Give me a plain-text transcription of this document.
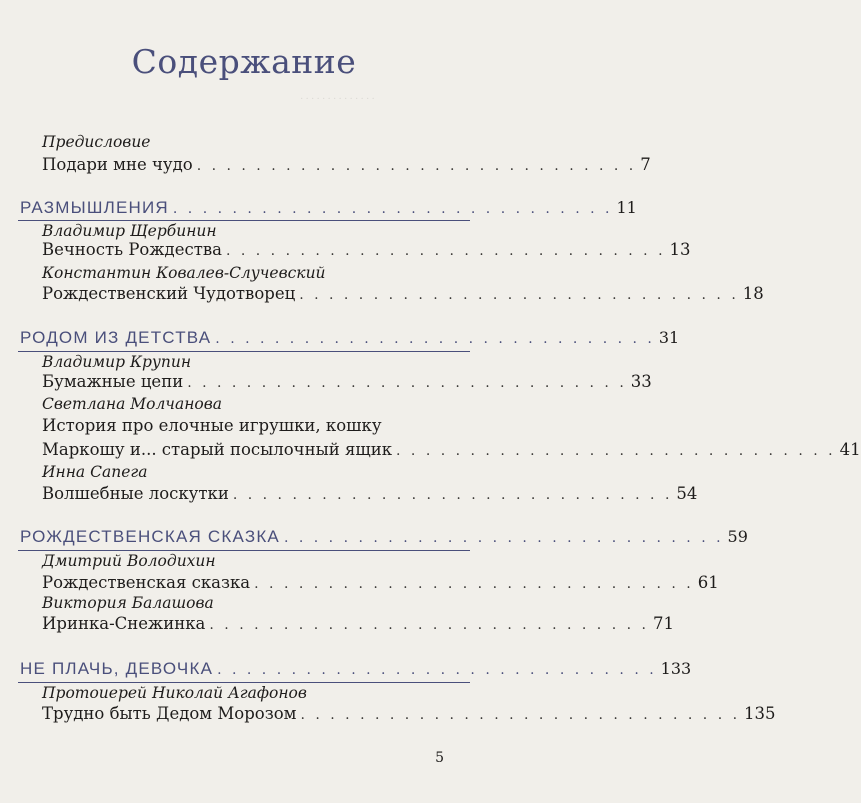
. . . . . . . . . . . . . .
Содержание
Предисловие
Подари мне чудо . . . . . . . . . . . . . . . . . . . . . . . . . . . . . . 7
РАЗМЫШЛЕНИЯ . . . . . . . . . . . . . . . . . . . . . . . . . . . . . . 11
Владимир Щербинин
Вечность Рождества . . . . . . . . . . . . . . . . . . . . . . . . . . . . . . 13
Константин Ковалев-Случевский
Рождественский Чудотворец . . . . . . . . . . . . . . . . . . . . . . . . . . . . . . 18
РОДОМ ИЗ ДЕТСТВА . . . . . . . . . . . . . . . . . . . . . . . . . . . . . . 31
Владимир Крупин
Бумажные цепи . . . . . . . . . . . . . . . . . . . . . . . . . . . . . . 33
Светлана Молчанова
История про елочные игрушки, кошку
Маркошу и... старый посылочный ящик . . . . . . . . . . . . . . . . . . . . . . . . . . . . . . 41
Инна Сапега
Волшебные лоскутки . . . . . . . . . . . . . . . . . . . . . . . . . . . . . . 54
РОЖДЕСТВЕНСКАЯ СКАЗКА . . . . . . . . . . . . . . . . . . . . . . . . . . . . . . 59
Дмитрий Володихин
Рождественская сказка . . . . . . . . . . . . . . . . . . . . . . . . . . . . . . 61
Виктория Балашова
Иринка-Снежинка . . . . . . . . . . . . . . . . . . . . . . . . . . . . . . 71
НЕ ПЛАЧЬ, ДЕВОЧКА . . . . . . . . . . . . . . . . . . . . . . . . . . . . . . 133
Протоиерей Николай Агафонов
Трудно быть Дедом Морозом . . . . . . . . . . . . . . . . . . . . . . . . . . . . . . 135
5
